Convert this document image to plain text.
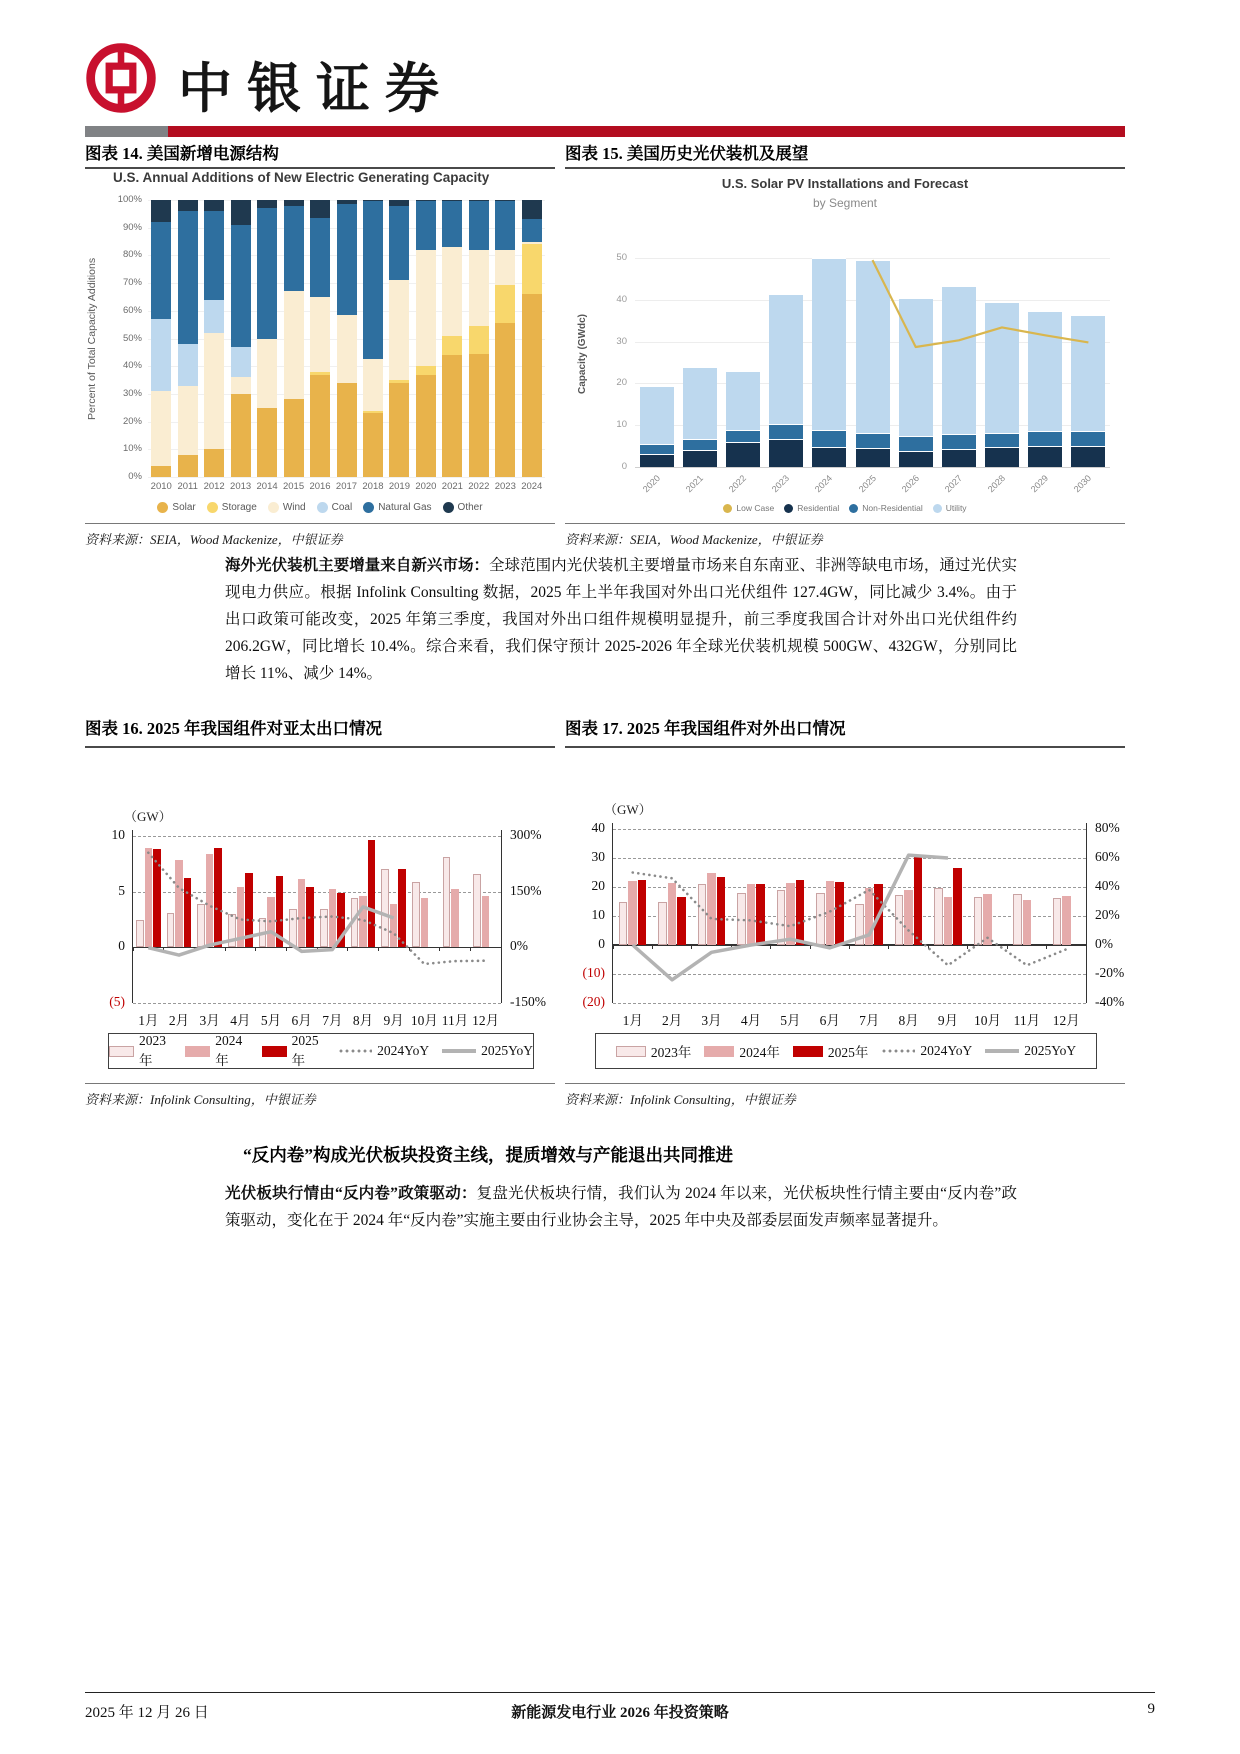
中银证券
图表 14. 美国新增电源结构
U.S. Annual Additions of New Electric Generating Capacity
100%
90%
80%
70%
60%
50%
40%
30%
20%
10%
0%
Percent of Total Capacity Additions
2010 2011 2012 2013 2014 2015 2016 2017 2018 2019 2020 2021 2022 2023 2024
Solar	Storage	Wind	Coal	Natural Gas	Other
资料来源：SEIA，Wood Mackenize，中银证券
图表 15. 美国历史光伏装机及展望
U.S. Solar PV Installations and Forecast
by Segment
50
40
30
20
10
0
Capacity (GWdc)
2020	2021	2022	2023	2024	2025	2026	2027	2028	2029	2030
Low Case	Residential	Non-Residential	Utility
资料来源：SEIA，Wood Mackenize，中银证券
海外光伏装机主要增量来自新兴市场：全球范围内光伏装机主要增量市场来自东南亚、非洲等缺电市场，通过光伏实现电力供应。根据 Infolink Consulting 数据，2025 年上半年我国对外出口光伏组件 127.4GW，同比减少 3.4%。由于出口政策可能改变，2025 年第三季度，我国对外出口组件规模明显提升，前三季度我国合计对外出口光伏组件约 206.2GW，同比增长 10.4%。综合来看，我们保守预计 2025-2026 年全球光伏装机规模 500GW、432GW，分别同比增长 11%、减少 14%。
图表 16. 2025 年我国组件对亚太出口情况
（GW）
10	300%
5	150%
0	0%
(5)	-150%
1月 2月 3月 4月 5月 6月 7月 8月 9月 10月 11月 12月
2023年
2024年
2025年
2024YoY	2025YoY
资料来源：Infolink Consulting，中银证券
图表 17. 2025 年我国组件对外出口情况
（GW）
40	80%
30	60%
20	40%
10	20%
0	0%
(10)	-20%
(20)	-40%
1月	2月	3月	4月	5月	6月	7月	8月	9月	10月 11月 12月
2023年	2024年	2025年	2024YoY	2025YoY
资料来源：Infolink Consulting，中银证券
“反内卷”构成光伏板块投资主线，提质增效与产能退出共同推进
光伏板块行情由“反内卷”政策驱动：复盘光伏板块行情，我们认为 2024 年以来，光伏板块性行情主要由“反内卷”政策驱动，变化在于 2024 年“反内卷”实施主要由行业协会主导，2025 年中央及部委层面发声频率显著提升。
2025 年 12 月 26 日	新能源发电行业 2026 年投资策略	9
